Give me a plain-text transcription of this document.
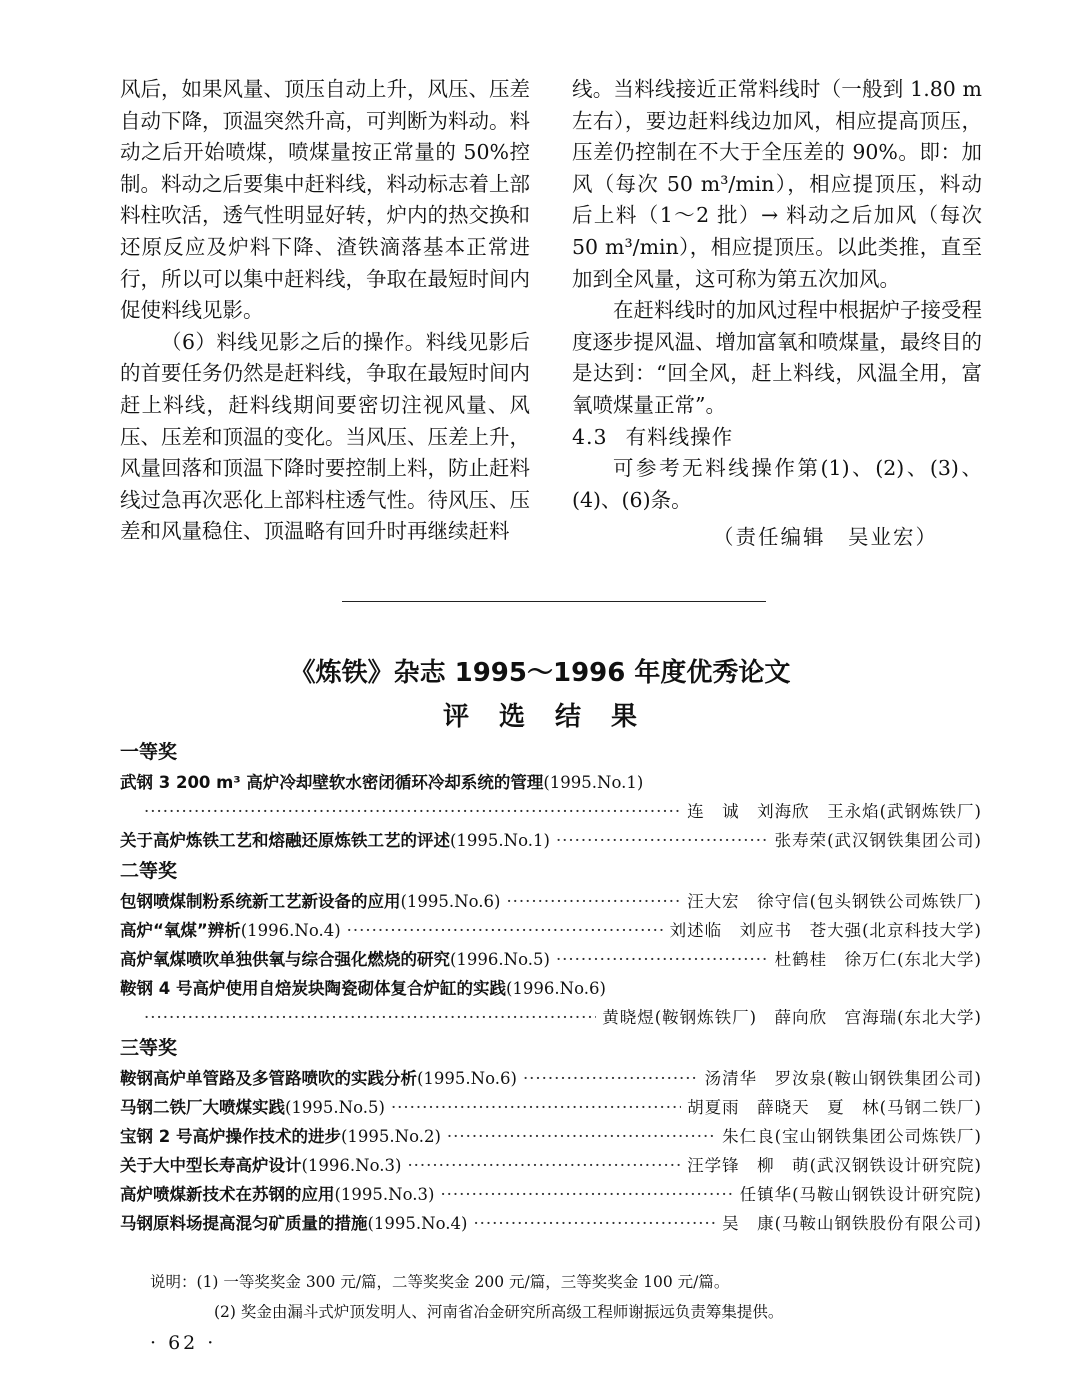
风后，如果风量、顶压自动上升，风压、压差自动下降，顶温突然升高，可判断为料动。料动之后开始喷煤，喷煤量按正常量的 50%控制。料动之后要集中赶料线，料动标志着上部料柱吹活，透气性明显好转，炉内的热交换和还原反应及炉料下降、渣铁滴落基本正常进行，所以可以集中赶料线，争取在最短时间内促使料线见影。

（6）料线见影之后的操作。料线见影后的首要任务仍然是赶料线，争取在最短时间内赶上料线，赶料线期间要密切注视风量、风压、压差和顶温的变化。当风压、压差上升，风量回落和顶温下降时要控制上料，防止赶料线过急再次恶化上部料柱透气性。待风压、压差和风量稳住、顶温略有回升时再继续赶料

线。当料线接近正常料线时（一般到 1.80 m 左右），要边赶料线边加风，相应提高顶压，压差仍控制在不大于全压差的 90%。即：加风（每次 50 m³/min），相应提顶压，料动后上料（1～2 批）→ 料动之后加风（每次 50 m³/min），相应提顶压。以此类推，直至加到全风量，这可称为第五次加风。

在赶料线时的加风过程中根据炉子接受程度逐步提风温、增加富氧和喷煤量，最终目的是达到：“回全风，赶上料线，风温全用，富氧喷煤量正常”。

4.3 有料线操作

可参考无料线操作第(1)、(2)、(3)、(4)、(6)条。

（责任编辑　吴业宏）

《炼铁》杂志 1995～1996 年度优秀论文
评选结果
一等奖
武钢 3 200 m³ 高炉冷却壁软水密闭循环冷却系统的管理(1995.No.1)
·····
连　诚　刘海欣　王永焰(武钢炼铁厂)
关于高炉炼铁工艺和熔融还原炼铁工艺的评述(1995.No.1) ·····	张寿荣(武汉钢铁集团公司)
二等奖
包钢喷煤制粉系统新工艺新设备的应用(1995.No.6) ·····	汪大宏　徐守信(包头钢铁公司炼铁厂)
高炉“氧煤”辨析(1996.No.4) ·····	刘述临　刘应书　苍大强(北京科技大学)
高炉氧煤喷吹单独供氧与综合强化燃烧的研究(1996.No.5) ·····	杜鹤桂　徐万仁(东北大学)
鞍钢 4 号高炉使用自焙炭块陶瓷砌体复合炉缸的实践(1996.No.6)
·····
黄晓煜(鞍钢炼铁厂)　薛向欣　宫海瑞(东北大学)
三等奖
鞍钢高炉单管路及多管路喷吹的实践分析(1995.No.6) ·····	汤清华　罗汝泉(鞍山钢铁集团公司)
马钢二铁厂大喷煤实践(1995.No.5) ·····	胡夏雨　薛晓天　夏　林(马钢二铁厂)
宝钢 2 号高炉操作技术的进步(1995.No.2) ·····	朱仁良(宝山钢铁集团公司炼铁厂)
关于大中型长寿高炉设计(1996.No.3) ·····	汪学锋　柳　萌(武汉钢铁设计研究院)
高炉喷煤新技术在苏钢的应用(1995.No.3) ·····	任镇华(马鞍山钢铁设计研究院)
马钢原料场提高混匀矿质量的措施(1995.No.4) ·····	吴　康(马鞍山钢铁股份有限公司)
说明：(1) 一等奖奖金 300 元/篇，二等奖奖金 200 元/篇，三等奖奖金 100 元/篇。
(2) 奖金由漏斗式炉顶发明人、河南省冶金研究所高级工程师谢振远负责筹集提供。
· 62 ·
